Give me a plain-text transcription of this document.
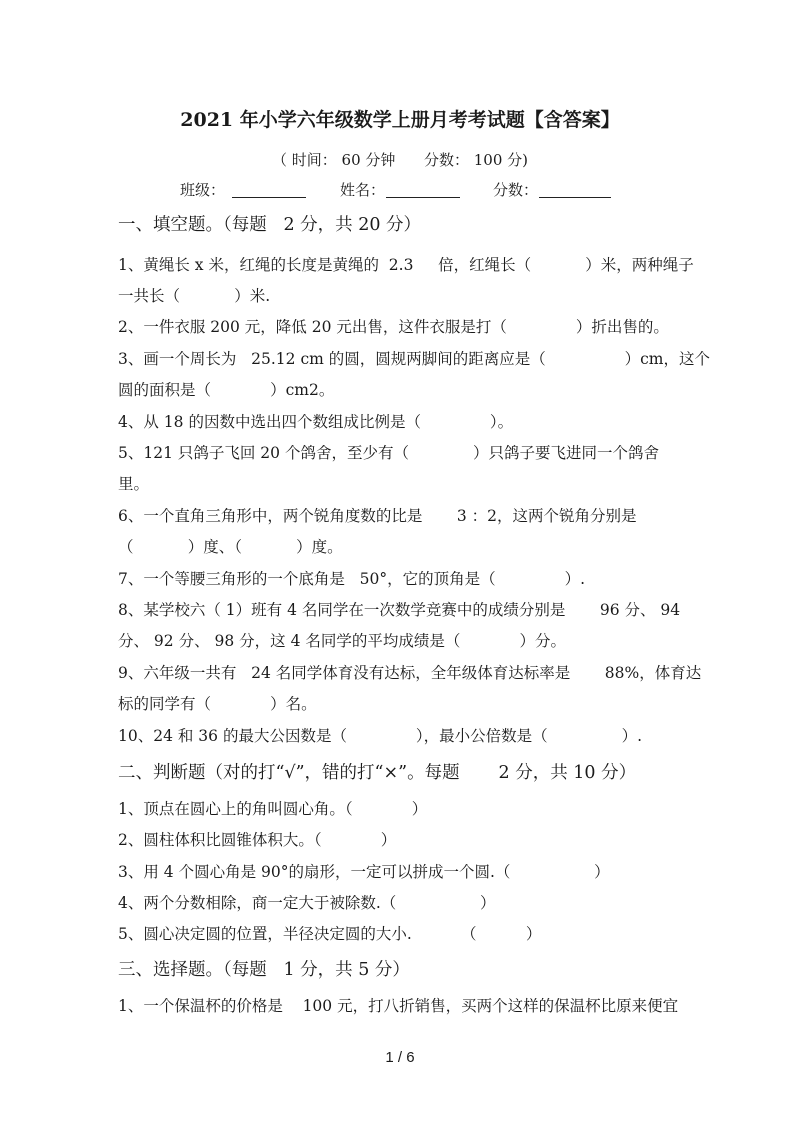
2021 年小学六年级数学上册月考考试题【含答案】
（ 时间： 60 分钟      分数： 100 分)
班级：	姓名：	分数：
一、填空题。（每题   2 分，共 20 分）
1、黄绳长 x 米，红绳的长度是黄绳的  2.3     倍，红绳长（           ）米，两种绳子
一共长（           ）米.
2、一件衣服 200 元，降低 20 元出售，这件衣服是打（              ）折出售的。
3、画一个周长为   25.12 cm 的圆，圆规两脚间的距离应是（                ）cm，这个
圆的面积是（            ）cm2。
4、从 18 的因数中选出四个数组成比例是（              ）。
5、121 只鸽子飞回 20 个鸽舍，至少有（             ）只鸽子要飞进同一个鸽舍
里。
6、一个直角三角形中，两个锐角度数的比是       3 ：2，这两个锐角分别是
（           ）度、（           ）度。
7、一个等腰三角形的一个底角是   50°，它的顶角是（              ）.
8、某学校六（ 1）班有 4 名同学在一次数学竞赛中的成绩分别是       96 分、 94
分、 92 分、 98 分，这 4 名同学的平均成绩是（            ）分。
9、六年级一共有   24 名同学体育没有达标，全年级体育达标率是       88%，体育达
标的同学有（            ）名。
10、24 和 36 的最大公因数是（              ），最小公倍数是（               ）.
二、判断题（对的打“√”，错的打“×”。每题       2 分，共 10 分）
1、顶点在圆心上的角叫圆心角。（            ）
2、圆柱体积比圆锥体积大。（            ）
3、用 4 个圆心角是 90°的扇形，一定可以拼成一个圆.（                 ）
4、两个分数相除，商一定大于被除数.（                 ）
5、圆心决定圆的位置，半径决定圆的大小.          （          ）
三、选择题。（每题   1 分，共 5 分）
1、一个保温杯的价格是    100 元，打八折销售，买两个这样的保温杯比原来便宜
1 / 6
